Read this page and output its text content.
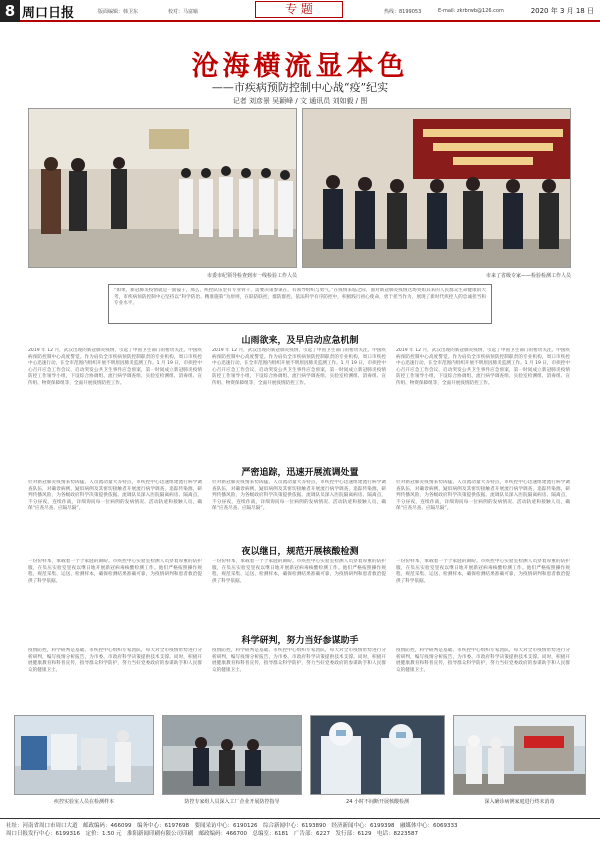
8 周口日报	版面编辑：韩卫东	校对：马富喻	专 题	热线：8199053	E-mail: zkrbrwb@126.com	2020 年 3 月 18 日
沧海横流显本色
——市疾病预防控制中心战“疫”纪实
记者 刘彦景 吴颖峰 / 文 通讯员 刘如毅 / 图
市委市纪领导检查到市一线检验工作人员	市来了省级专家——检验检测工作人员
“如果，新冠肺炎疫情就是一面镜子，那么，疾控队伍里有专业骨干，需要决策参谋在，有领导组织与勇气。”在疫情来临之际，面对新冠肺炎疫情这场突如其来的人民群众生命健康的大考，市疾病预防控制中心坚持以“科学防治、精准施策”为原则，在联防联控、群防群控、依法科学有序防控中，积极践行初心使命，勇于担当作为，展现了新时代疾控人的忠诚担当和专业水平。
山雨欲来，及早启动应急机制
2019 年 12 月，武汉出现的新冠肺炎疫情，引起了中国卫生部门的密切关注。中国疾病预防控制中心高度警觉。作为肩负全市疾病预防控制职责的专业机构，周口市疾控中心迅速行动，在全市范围内组织开展不明原因肺炎监测工作。1 月 19 日，市疾控中心召开应急工作会议，启动突发公共卫生事件应急预案，第一时间成立新冠肺炎疫情防控工作领导小组，下设综合协调组、流行病学调查组、实验室检测组、消毒组、宣传组、物资保障组等，全面开展疫情防控工作。
2019 年 12 月，武汉出现的新冠肺炎疫情，引起了中国卫生部门的密切关注。中国疾病预防控制中心高度警觉。作为肩负全市疾病预防控制职责的专业机构，周口市疾控中心迅速行动，在全市范围内组织开展不明原因肺炎监测工作。1 月 19 日，市疾控中心召开应急工作会议，启动突发公共卫生事件应急预案，第一时间成立新冠肺炎疫情防控工作领导小组，下设综合协调组、流行病学调查组、实验室检测组、消毒组、宣传组、物资保障组等，全面开展疫情防控工作。
2019 年 12 月，武汉出现的新冠肺炎疫情，引起了中国卫生部门的密切关注。中国疾病预防控制中心高度警觉。作为肩负全市疾病预防控制职责的专业机构，周口市疾控中心迅速行动，在全市范围内组织开展不明原因肺炎监测工作。1 月 19 日，市疾控中心召开应急工作会议，启动突发公共卫生事件应急预案，第一时间成立新冠肺炎疫情防控工作领导小组，下设综合协调组、流行病学调查组、实验室检测组、消毒组、宣传组、物资保障组等，全面开展疫情防控工作。
严密追踪，迅速开展流调处置
针对新冠肺炎疫情来势凶猛、人员流动量大等特点，市疾控中心迅速组建流行病学调查队伍，对确诊病例、疑似病例及其密切接触者开展流行病学调查，追踪传染源，研判传播风险，为各级政府科学决策提供依据。流调队员深入医院隔离病房、隔离点，不分昼夜，连续作战，详细询问每一位病例的发病情况、活动轨迹和接触人员，确保“应查尽查、应隔尽隔”。
针对新冠肺炎疫情来势凶猛、人员流动量大等特点，市疾控中心迅速组建流行病学调查队伍，对确诊病例、疑似病例及其密切接触者开展流行病学调查，追踪传染源，研判传播风险，为各级政府科学决策提供依据。流调队员深入医院隔离病房、隔离点，不分昼夜，连续作战，详细询问每一位病例的发病情况、活动轨迹和接触人员，确保“应查尽查、应隔尽隔”。
针对新冠肺炎疫情来势凶猛、人员流动量大等特点，市疾控中心迅速组建流行病学调查队伍，对确诊病例、疑似病例及其密切接触者开展流行病学调查，追踪传染源，研判传播风险，为各级政府科学决策提供依据。流调队员深入医院隔离病房、隔离点，不分昼夜，连续作战，详细询问每一位病例的发病情况、活动轨迹和接触人员，确保“应查尽查、应隔尽隔”。
夜以继日，规范开展核酸检测
一份份样本，承载着一个个家庭的期盼。市疾控中心实验室检测人员穿着厚重的防护服，在负压实验室里夜以继日地开展新冠病毒核酸检测工作。他们严格按照操作规程，规范采集、运送、检测样本，确保检测结果准确可靠，为疫情研判和患者救治提供了科学依据。
一份份样本，承载着一个个家庭的期盼。市疾控中心实验室检测人员穿着厚重的防护服，在负压实验室里夜以继日地开展新冠病毒核酸检测工作。他们严格按照操作规程，规范采集、运送、检测样本，确保检测结果准确可靠，为疫情研判和患者救治提供了科学依据。
一份份样本，承载着一个个家庭的期盼。市疾控中心实验室检测人员穿着厚重的防护服，在负压实验室里夜以继日地开展新冠病毒核酸检测工作。他们严格按照操作规程，规范采集、运送、检测样本，确保检测结果准确可靠，为疫情研判和患者救治提供了科学依据。
科学研判，努力当好参谋助手
疫情防控，科学研判是基础。市疾控中心组织专家团队，每天对全市疫情形势进行分析研判，编写疫情分析报告，为市委、市政府科学决策提供技术支撑。同时，积极开展健康教育和科普宣传，指导群众科学防护，努力当好党委政府的参谋助手和人民群众的健康卫士。
疫情防控，科学研判是基础。市疾控中心组织专家团队，每天对全市疫情形势进行分析研判，编写疫情分析报告，为市委、市政府科学决策提供技术支撑。同时，积极开展健康教育和科普宣传，指导群众科学防护，努力当好党委政府的参谋助手和人民群众的健康卫士。
疫情防控，科学研判是基础。市疾控中心组织专家团队，每天对全市疫情形势进行分析研判，编写疫情分析报告，为市委、市政府科学决策提供技术支撑。同时，积极开展健康教育和科普宣传，指导群众科学防护，努力当好党委政府的参谋助手和人民群众的健康卫士。
疾控实验室人员在检测样本	防控专家组人员深入工厂企业开展防控指导	24 小时不间断开展核酸检测	深入确诊病例家庭进行终末消毒
社址：河南省周口市周口大道　邮政编码：466099　编务中心：6197698　要闻采访中心：6190126　综合新闻中心：6193890　经济新闻中心：6199398　融媒体中心：6069333
周口日报发行中心：6199316　定价：1.50 元　淮阳新闻印刷有限公司印刷　邮政编码：466700　总编室：6181　广告部：6227　发行部：6129　电话：8223587
